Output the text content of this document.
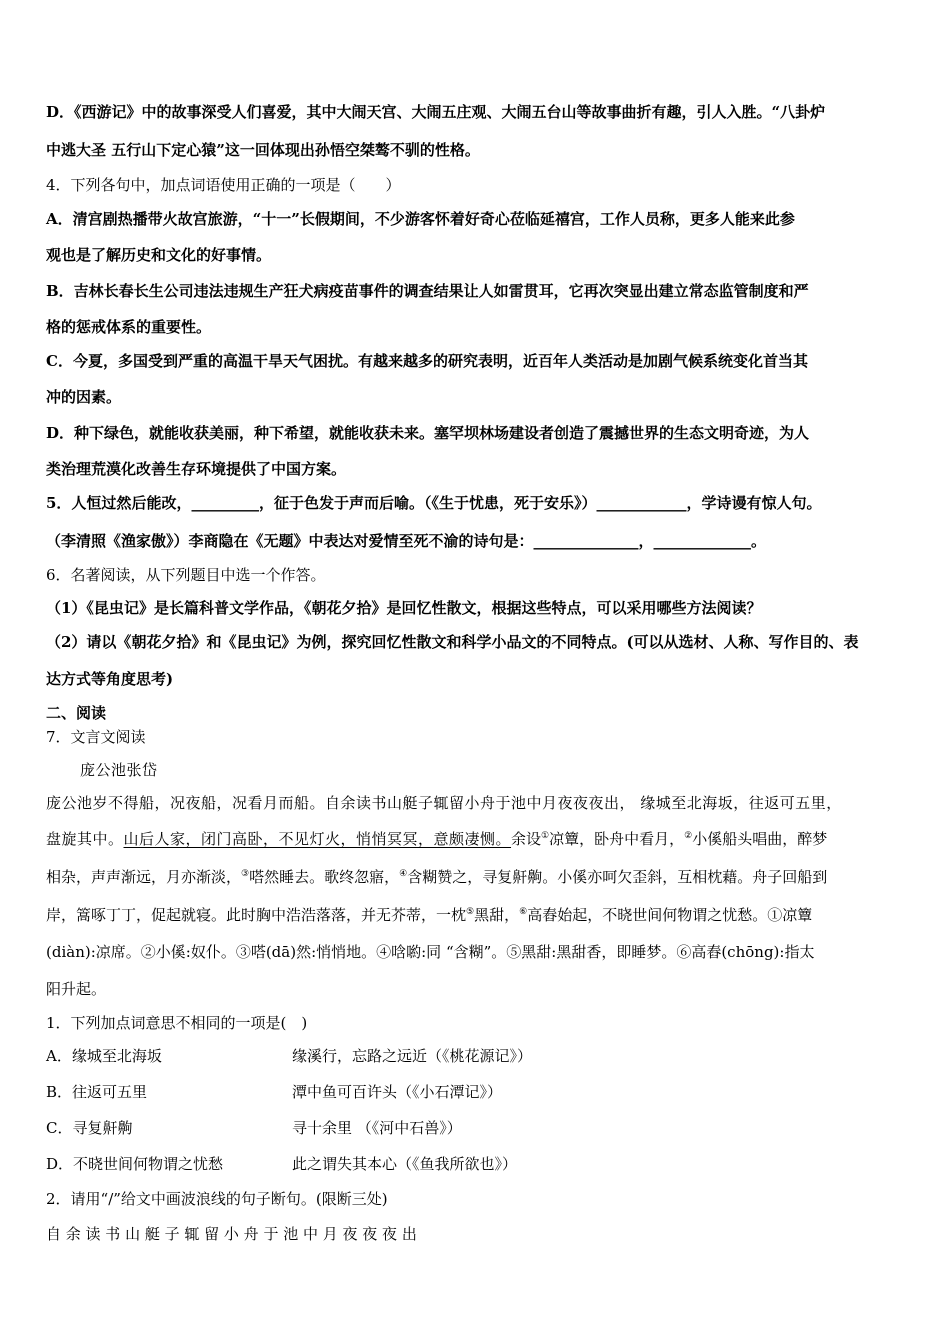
D．《西游记》中的故事深受人们喜爱，其中大闹天宫、大闹五庄观、大闹五台山等故事曲折有趣，引人入胜。“八卦炉
中逃大圣 五行山下定心猿”这一回体现出孙悟空桀骜不驯的性格。
4．下列各句中，加点词语使用正确的一项是（　　）
A．清宫剧热播带火故宫旅游，“十一”长假期间，不少游客怀着好奇心莅临延禧宫，工作人员称，更多人能来此参
观也是了解历史和文化的好事情。
B．吉林长春长生公司违法违规生产狂犬病疫苗事件的调查结果让人如雷贯耳，它再次突显出建立常态监管制度和严
格的惩戒体系的重要性。
C．今夏，多国受到严重的高温干旱天气困扰。有越来越多的研究表明，近百年人类活动是加剧气候系统变化首当其
冲的因素。
D．种下绿色，就能收获美丽，种下希望，就能收获未来。塞罕坝林场建设者创造了震撼世界的生态文明奇迹，为人
类治理荒漠化改善生存环境提供了中国方案。
5．人恒过然后能改，_________，征于色发于声而后喻。（《生于忧患，死于安乐》）____________，学诗谩有惊人句。
（李清照《渔家傲》）李商隐在《无题》中表达对爱情至死不渝的诗句是：______________，_____________。
6．名著阅读，从下列题目中选一个作答。
（1）《昆虫记》是长篇科普文学作品，《朝花夕拾》是回忆性散文，根据这些特点，可以采用哪些方法阅读？
（2）请以《朝花夕拾》和《昆虫记》为例，探究回忆性散文和科学小品文的不同特点。(可以从选材、人称、写作目的、表
达方式等角度思考)
二、阅读
7．文言文阅读
庞公池张岱
庞公池岁不得船，况夜船，况看月而船。自余读书山艇子辄留小舟于池中月夜夜夜出， 缘城至北海坂，往返可五里，
盘旋其中。山后人家，闭门高卧，不见灯火，悄悄冥冥，意颇凄恻。余设①凉簟，卧舟中看月，②小傒船头唱曲，醉梦
相杂，声声渐远，月亦渐淡，③嗒然睡去。歌终忽寤，④含糊赞之，寻复鼾齁。小傒亦呵欠歪斜，互相枕藉。舟子回船到
岸，篙啄丁丁，促起就寝。此时胸中浩浩落落，并无芥蒂，一枕⑤黑甜，⑥高舂始起，不晓世间何物谓之忧愁。①凉簟
(diàn):凉席。②小傒:奴仆。③嗒(dā)然:悄悄地。④唅喲:同 “含糊”。⑤黑甜:黑甜香，即睡梦。⑥高舂(chōng):指太
阳升起。
1．下列加点词意思不相同的一项是(　)
A．缘城至北海坂	缘溪行，忘路之远近（《桃花源记》）
B．往返可五里	潭中鱼可百许头（《小石潭记》）
C．寻复鼾齁	寻十余里 （《河中石兽》）
D．不晓世间何物谓之忧愁	此之谓失其本心（《鱼我所欲也》）
2．请用“/”给文中画波浪线的句子断句。(限断三处)
自 余 读 书 山 艇 子 辄 留 小 舟 于 池 中 月 夜 夜 夜 出
